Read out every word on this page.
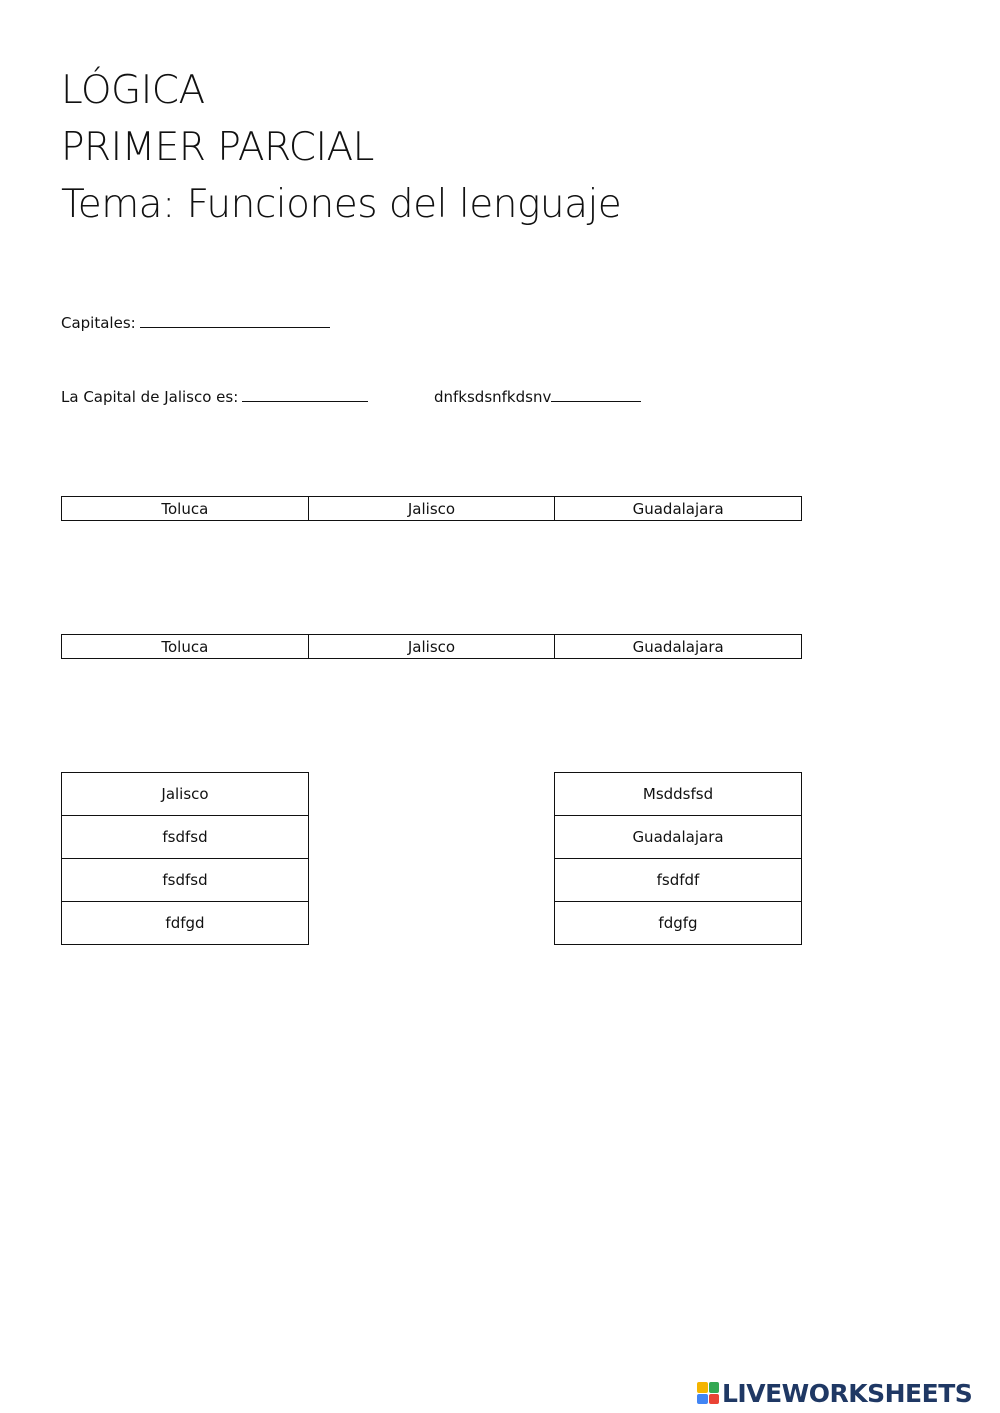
LÓGICA
PRIMER PARCIAL
Tema: Funciones del lenguaje
Capitales:
La Capital de Jalisco es:	dnfksdsnfkdsnv
Toluca	Jalisco	Guadalajara
Toluca	Jalisco	Guadalajara
Jalisco
fsdfsd
fsdfsd
fdfgd
Msddsfsd
Guadalajara
fsdfdf
fdgfg
LIVEWORKSHEETS
